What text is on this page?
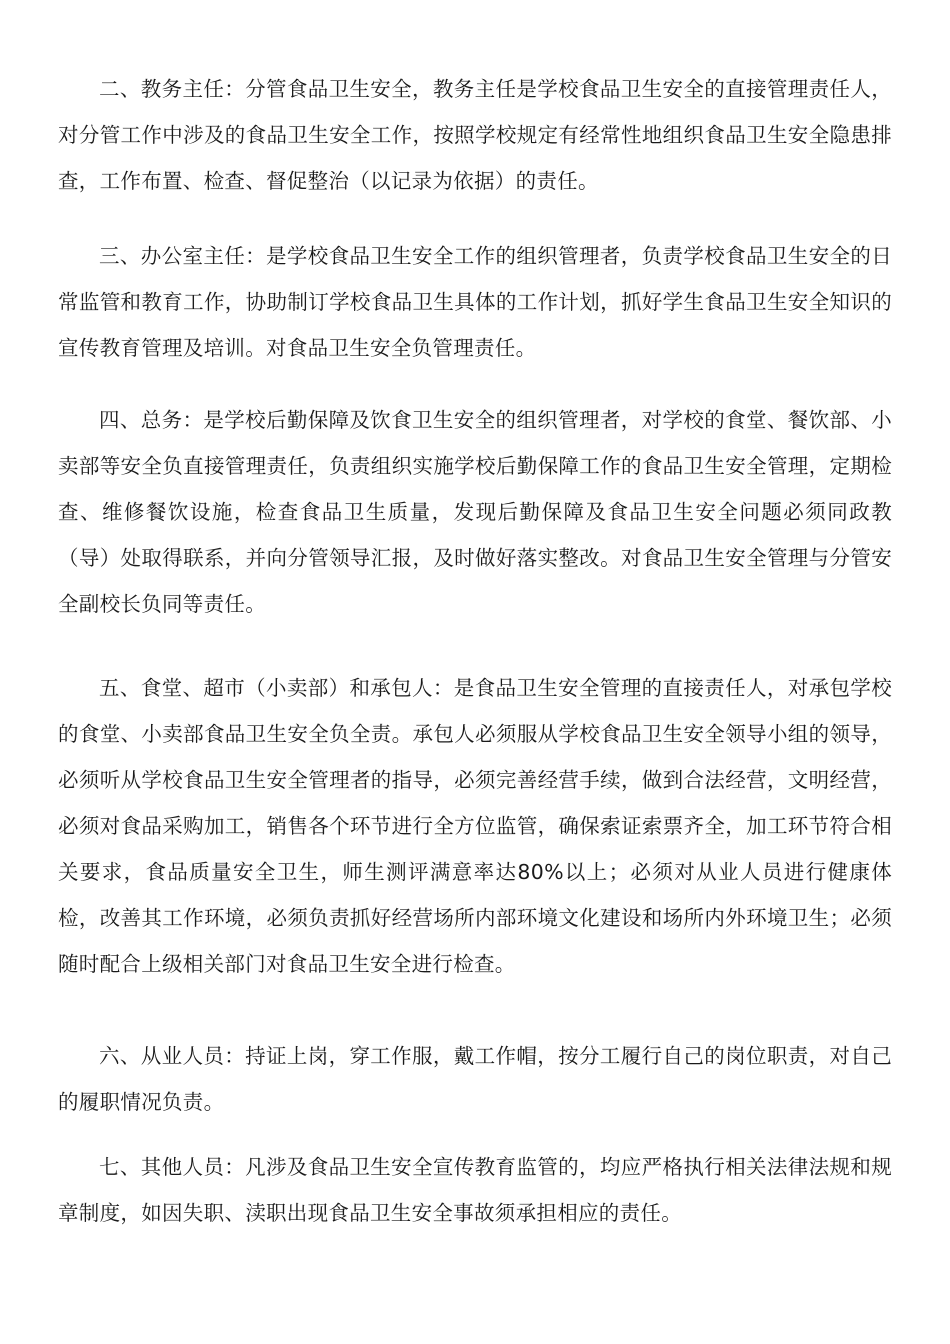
二、教务主任：分管食品卫生安全，教务主任是学校食品卫生安全的直接管理责任人，对分管工作中涉及的食品卫生安全工作，按照学校规定有经常性地组织食品卫生安全隐患排查，工作布置、检查、督促整治（以记录为依据）的责任。

三、办公室主任：是学校食品卫生安全工作的组织管理者，负责学校食品卫生安全的日常监管和教育工作，协助制订学校食品卫生具体的工作计划，抓好学生食品卫生安全知识的宣传教育管理及培训。对食品卫生安全负管理责任。

四、总务：是学校后勤保障及饮食卫生安全的组织管理者，对学校的食堂、餐饮部、小卖部等安全负直接管理责任，负责组织实施学校后勤保障工作的食品卫生安全管理，定期检查、维修餐饮设施，检查食品卫生质量，发现后勤保障及食品卫生安全问题必须同政教（导）处取得联系，并向分管领导汇报，及时做好落实整改。对食品卫生安全管理与分管安全副校长负同等责任。

五、食堂、超市（小卖部）和承包人：是食品卫生安全管理的直接责任人，对承包学校的食堂、小卖部食品卫生安全负全责。承包人必须服从学校食品卫生安全领导小组的领导，必须听从学校食品卫生安全管理者的指导，必须完善经营手续，做到合法经营，文明经营，必须对食品采购加工，销售各个环节进行全方位监管，确保索证索票齐全，加工环节符合相关要求，食品质量安全卫生，师生测评满意率达80%以上；必须对从业人员进行健康体检，改善其工作环境，必须负责抓好经营场所内部环境文化建设和场所内外环境卫生；必须随时配合上级相关部门对食品卫生安全进行检查。

六、从业人员：持证上岗，穿工作服，戴工作帽，按分工履行自己的岗位职责，对自己的履职情况负责。

七、其他人员：凡涉及食品卫生安全宣传教育监管的，均应严格执行相关法律法规和规章制度，如因失职、渎职出现食品卫生安全事故须承担相应的责任。
